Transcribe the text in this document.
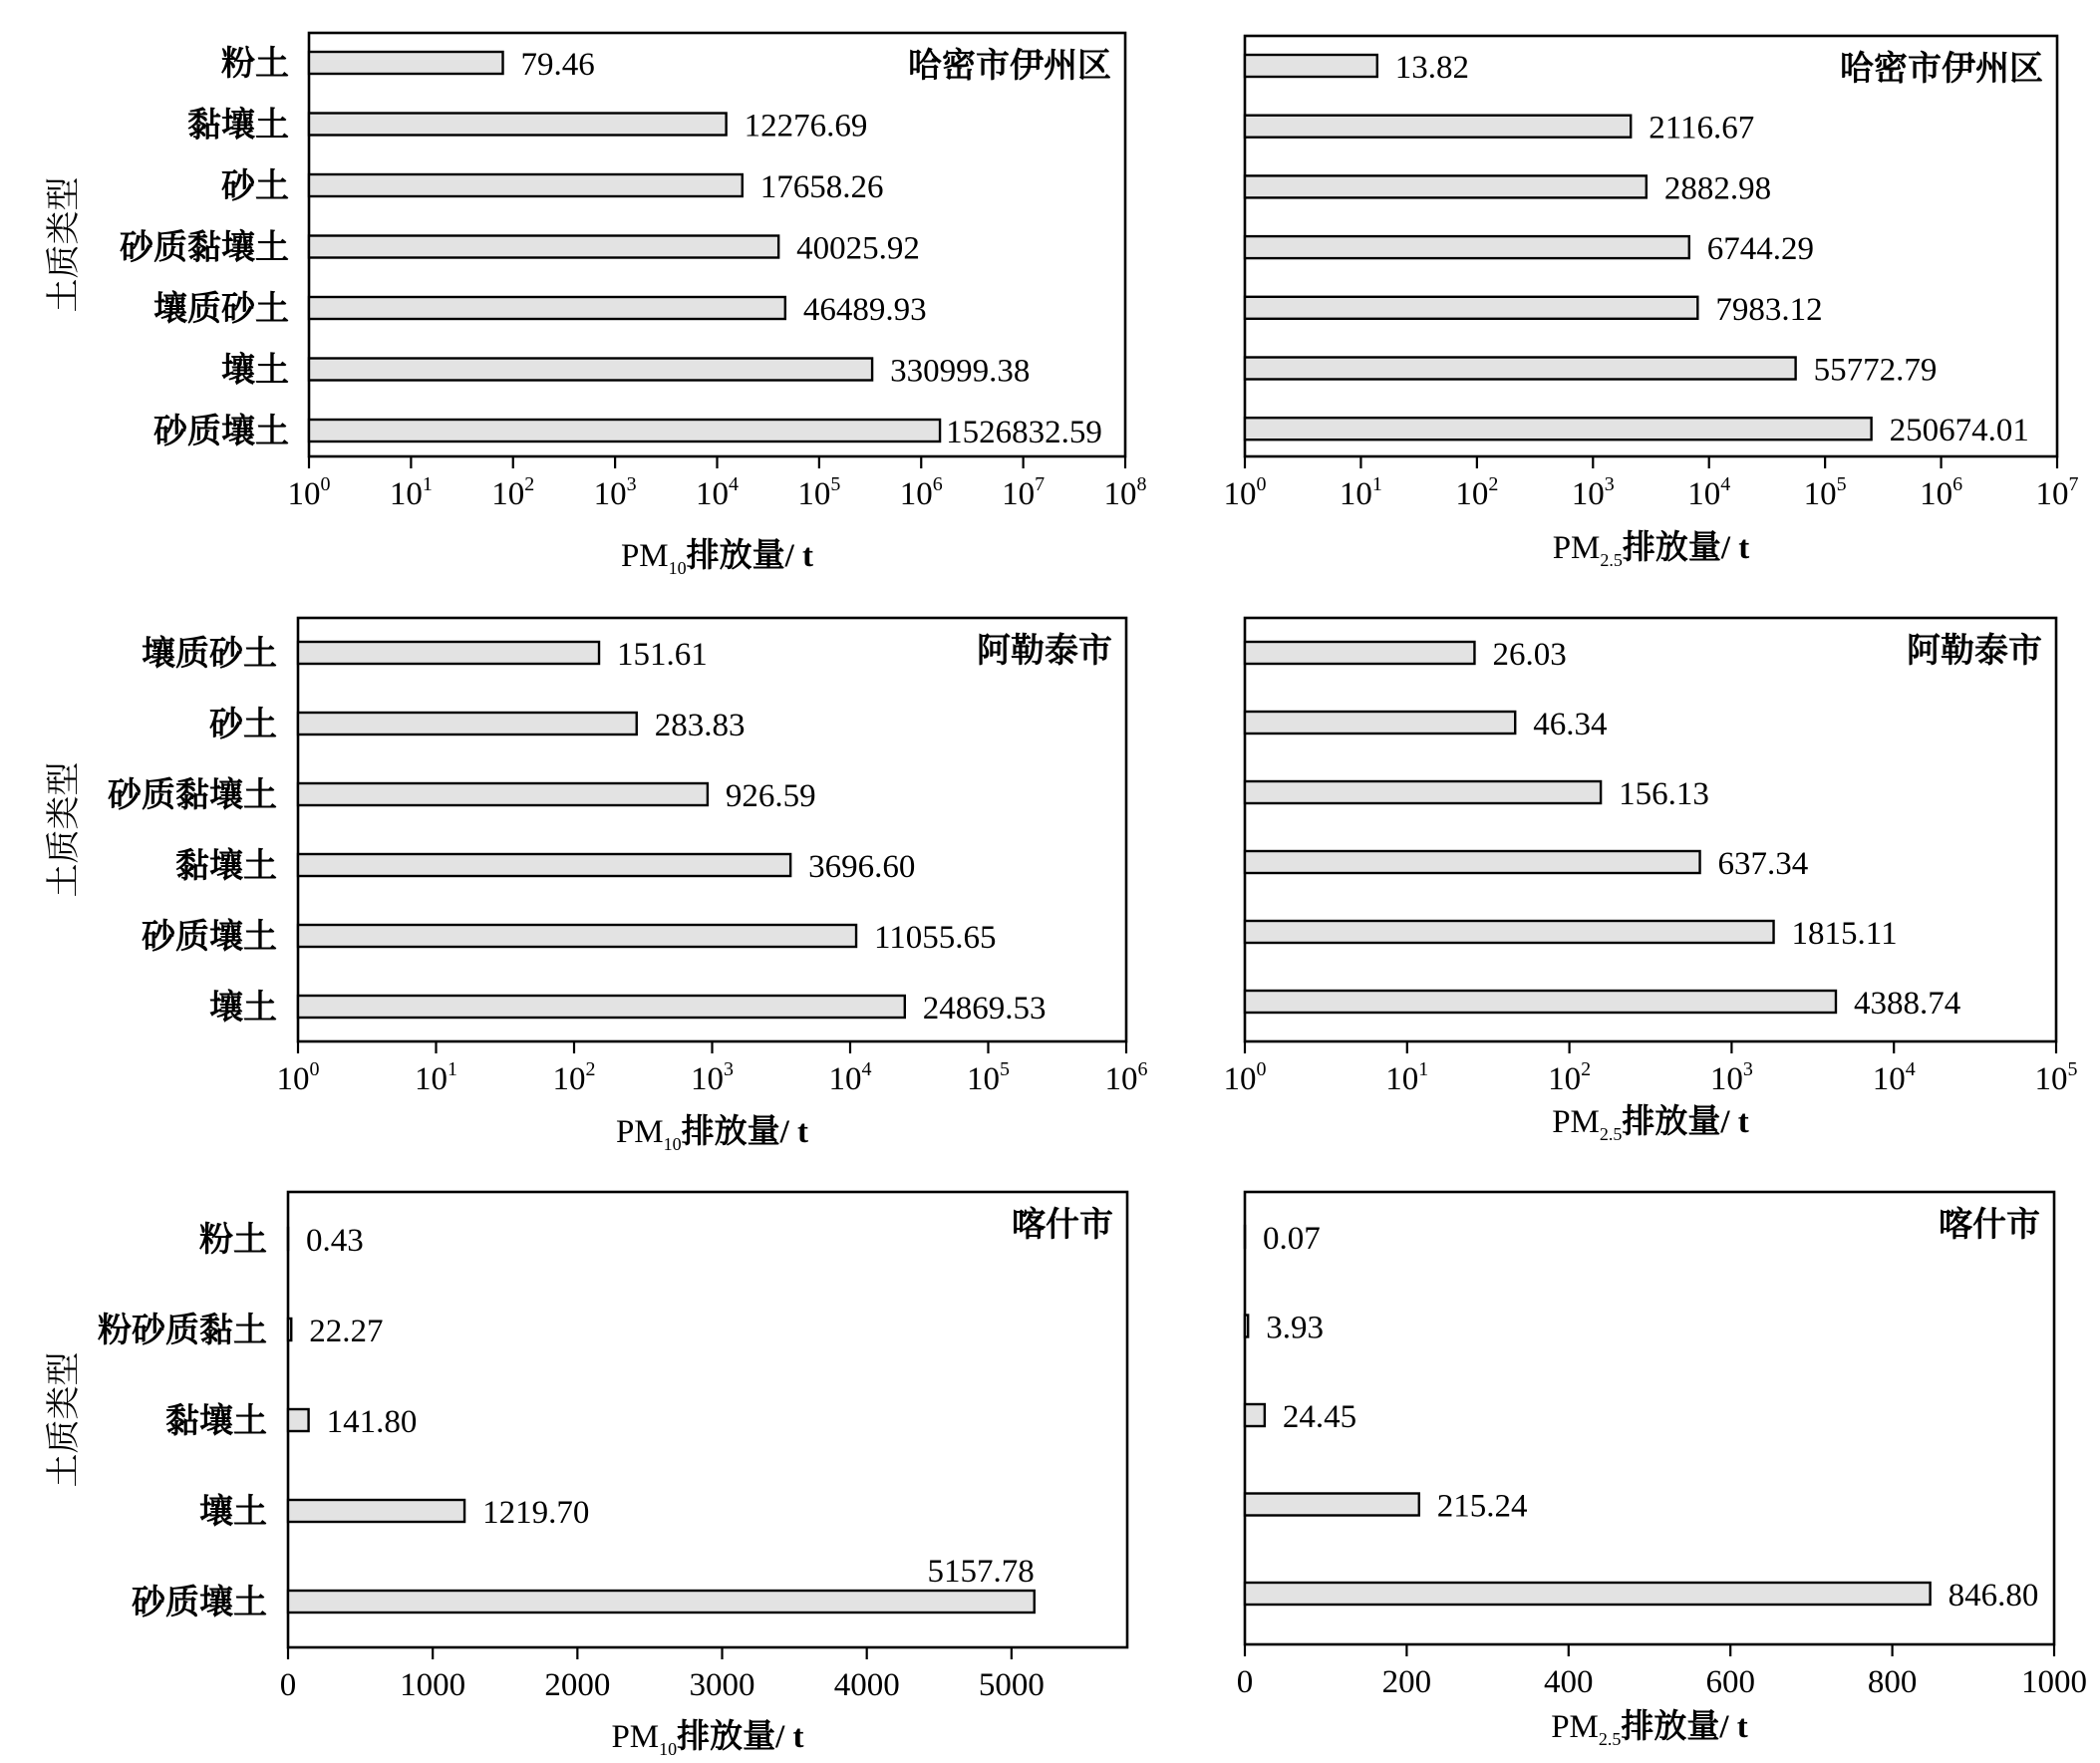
$10^0$ $10^1$ $10^2$ $10^3$ $10^4$ $10^5$ $10^6$ $10^7$ $10^8$
79.46
粉土
12276.69
黏壤土
17658.26
砂土
40025.92
砂质黏壤土
46489.93
壤质砂土
330999.38
壤土
1526832.59
砂质壤土
哈密市伊州区
$PM_{10}$排放量/ t
土质类型
$10^0$ $10^1$ $10^2$ $10^3$ $10^4$ $10^5$ $10^6$ $10^7$
13.82
2116.67
2882.98
6744.29
7983.12
55772.79
250674.01
哈密市伊州区
$PM_{2.5}$排放量/ t
$10^0$	$10^1$	$10^2$	$10^3$	$10^4$	$10^5$	$10^6$
151.61
壤质砂土
283.83
砂土
926.59
砂质黏壤土
3696.60
黏壤土
11055.65
砂质壤土
24869.53
壤土
阿勒泰市
$PM_{10}$排放量/ t
土质类型
$10^0$	$10^1$	$10^2$	$10^3$	$10^4$	$10^5$
26.03
46.34
156.13
637.34
1815.11
4388.74
阿勒泰市
$PM_{2.5}$排放量/ t
0	1000 2000 3000 4000 5000
0.43
粉土
22.27
粉砂质黏土
141.80
黏壤土
1219.70
壤土
5157.78
砂质壤土
喀什市
$PM_{10}$排放量/ t
土质类型
0	200	400	600	800	1000
0.07
3.93
24.45
215.24
846.80
喀什市
$PM_{2.5}$排放量/ t
